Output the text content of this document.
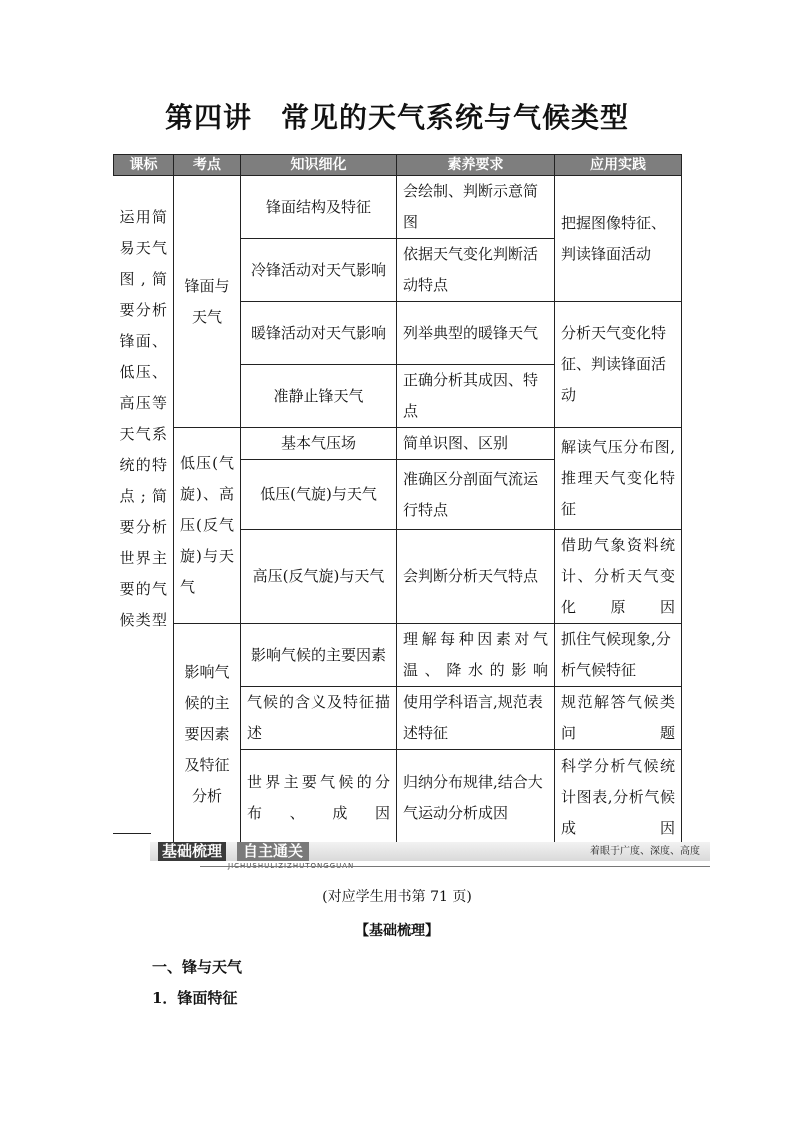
第四讲　常见的天气系统与气候类型
课标	考点	知识细化	素养要求	应用实践
运用简易天气图,简要分析锋面、低压、高压等天气系统的特点;简要分析世界主要的气候类型	锋面与天气	锋面结构及特征	会绘制、判断示意简图	把握图像特征、判读锋面活动
		冷锋活动对天气影响	依据天气变化判断活动特点	
		暖锋活动对天气影响	列举典型的暖锋天气	分析天气变化特征、判读锋面活动
		准静止锋天气	正确分析其成因、特点	
	低压(气旋)、高压(反气旋)与天气	基本气压场	简单识图、区别	解读气压分布图,推理天气变化特征
		低压(气旋)与天气	准确区分剖面气流运行特点	
		高压(反气旋)与天气	会判断分析天气特点	借助气象资料统计、分析天气变化原因
	影响气候的主要因素及特征分析	影响气候的主要因素	理解每种因素对气温、降水的影响	抓住气候现象,分析气候特征
		气候的含义及特征描述	使用学科语言,规范表述特征	规范解答气候类问题
		世界主要气候的分布、成因	归纳分布规律,结合大气运动分析成因	科学分析气候统计图表,分析气候成因
基础梳理	自主通关	着眼于广度、深度、高度
JICHUSHULIZIZHUTONGGUAN
(对应学生用书第 71 页)
【基础梳理】
一、锋与天气
1．锋面特征
